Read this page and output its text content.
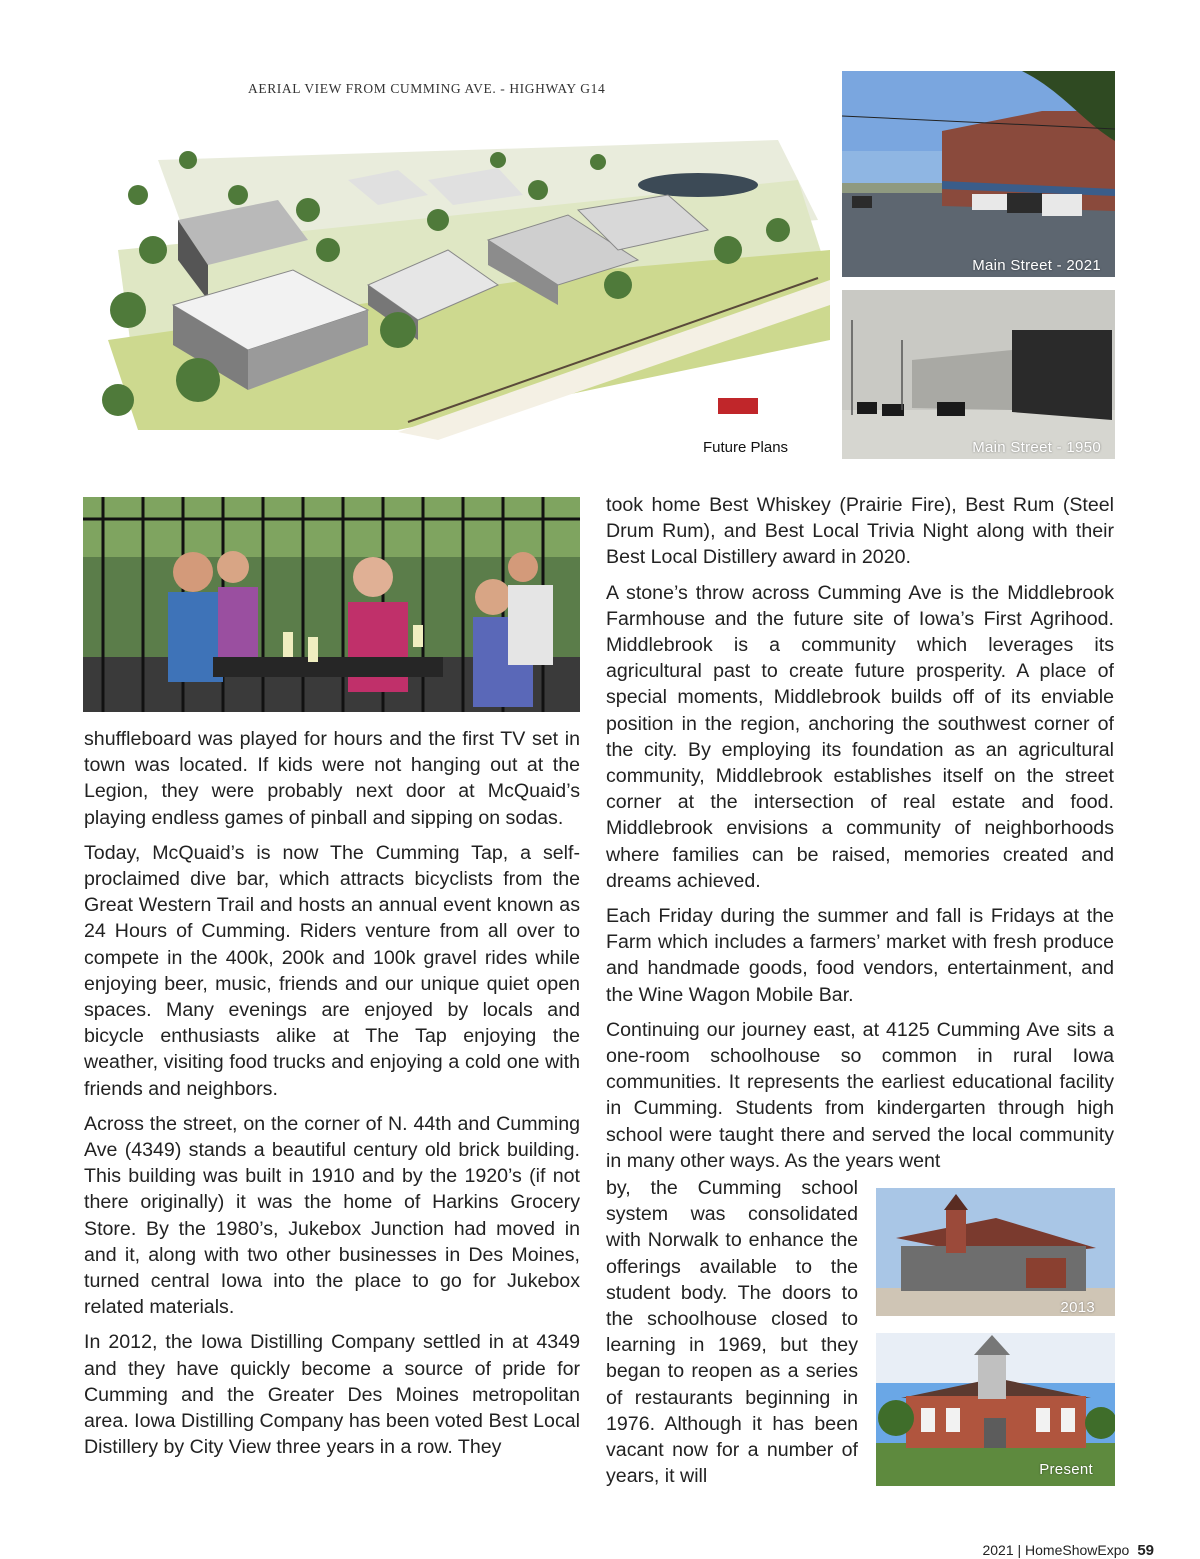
AERIAL VIEW FROM CUMMING AVE. - HIGHWAY G14
Future Plans
Main Street - 2021
Main Street - 1950

shuffleboard was played for hours and the first TV set in town was located. If kids were not hanging out at the Legion, they were probably next door at McQuaid’s playing endless games of pinball and sipping on sodas.

Today, McQuaid’s is now The Cumming Tap, a self-proclaimed dive bar, which attracts bicyclists from the Great Western Trail and hosts an annual event known as 24 Hours of Cumming. Riders venture from all over to compete in the 400k, 200k and 100k gravel rides while enjoying beer, music, friends and our unique quiet open spaces. Many evenings are enjoyed by locals and bicycle enthusiasts alike at The Tap enjoying the weather, visiting food trucks and enjoying a cold one with friends and neighbors.

Across the street, on the corner of N. 44th and Cumming Ave (4349) stands a beautiful century old brick building. This building was built in 1910 and by the 1920’s (if not there originally) it was the home of Harkins Grocery Store. By the 1980’s, Jukebox Junction had moved in and it, along with two other businesses in Des Moines, turned central Iowa into the place to go for Jukebox related materials.

In 2012, the Iowa Distilling Company settled in at 4349 and they have quickly become a source of pride for Cumming and the Greater Des Moines metropolitan area. Iowa Distilling Company has been voted Best Local Distillery by City View three years in a row. They

took home Best Whiskey (Prairie Fire), Best Rum (Steel Drum Rum), and Best Local Trivia Night along with their Best Local Distillery award in 2020.

A stone’s throw across Cumming Ave is the Middlebrook Farmhouse and the future site of Iowa’s First Agrihood. Middlebrook is a community which leverages its agricultural past to create future prosperity. A place of special moments, Middlebrook builds off of its enviable position in the region, anchoring the southwest corner of the city. By employing its foundation as an agricultural community, Middlebrook establishes itself on the street corner at the intersection of real estate and food. Middlebrook envisions a community of neighborhoods where families can be raised, memories created and dreams achieved.

Each Friday during the summer and fall is Fridays at the Farm which includes a farmers’ market with fresh produce and handmade goods, food vendors, entertainment, and the Wine Wagon Mobile Bar.

Continuing our journey east, at 4125 Cumming Ave sits a one-room schoolhouse so common in rural Iowa communities. It represents the earliest educational facility in Cumming. Students from kindergarten through high school were taught there and served the local community in many other ways. As the years went

by, the Cumming school system was consolidated with Norwalk to enhance the offerings available to the student body. The doors to the schoolhouse closed to learning in 1969, but they began to reopen as a series of restaurants beginning in 1976. Although it has been vacant now for a number of years, it will

2013
Present
2021 | HomeShowExpo 59
